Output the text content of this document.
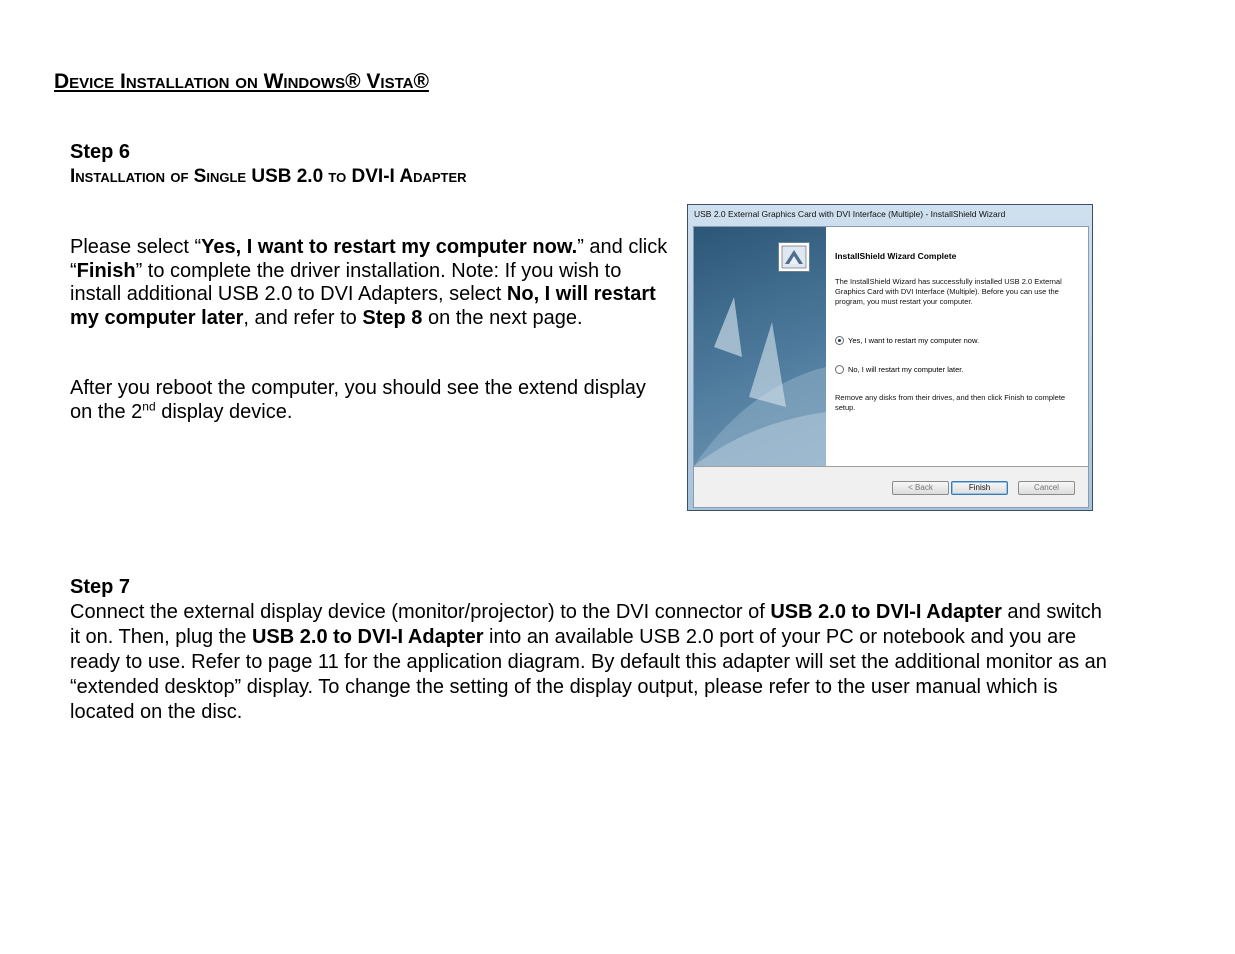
Device Installation on Windows® Vista®
Step 6
Installation of Single USB 2.0 to DVI-I Adapter
Please select “Yes, I want to restart my computer now.” and click “Finish” to complete the driver installation. Note: If you wish to install additional USB 2.0 to DVI Adapters, select No, I will restart my computer later, and refer to Step 8 on the next page.
After you reboot the computer, you should see the extend display on the 2nd display device.
USB 2.0 External Graphics Card with DVI Interface (Multiple) - InstallShield Wizard
InstallShield Wizard Complete
The InstallShield Wizard has successfully installed USB 2.0 External Graphics Card with DVI Interface (Multiple). Before you can use the program, you must restart your computer.
Yes, I want to restart my computer now.
No, I will restart my computer later.
Remove any disks from their drives, and then click Finish to complete setup.
< Back	Finish	Cancel
Step 7
Connect the external display device (monitor/projector) to the DVI connector of USB 2.0 to DVI-I Adapter and switch it on. Then, plug the USB 2.0 to DVI-I Adapter into an available USB 2.0 port of your PC or notebook and you are ready to use. Refer to page 11 for the application diagram. By default this adapter will set the additional monitor as an “extended desktop” display. To change the setting of the display output, please refer to the user manual which is located on the disc.
